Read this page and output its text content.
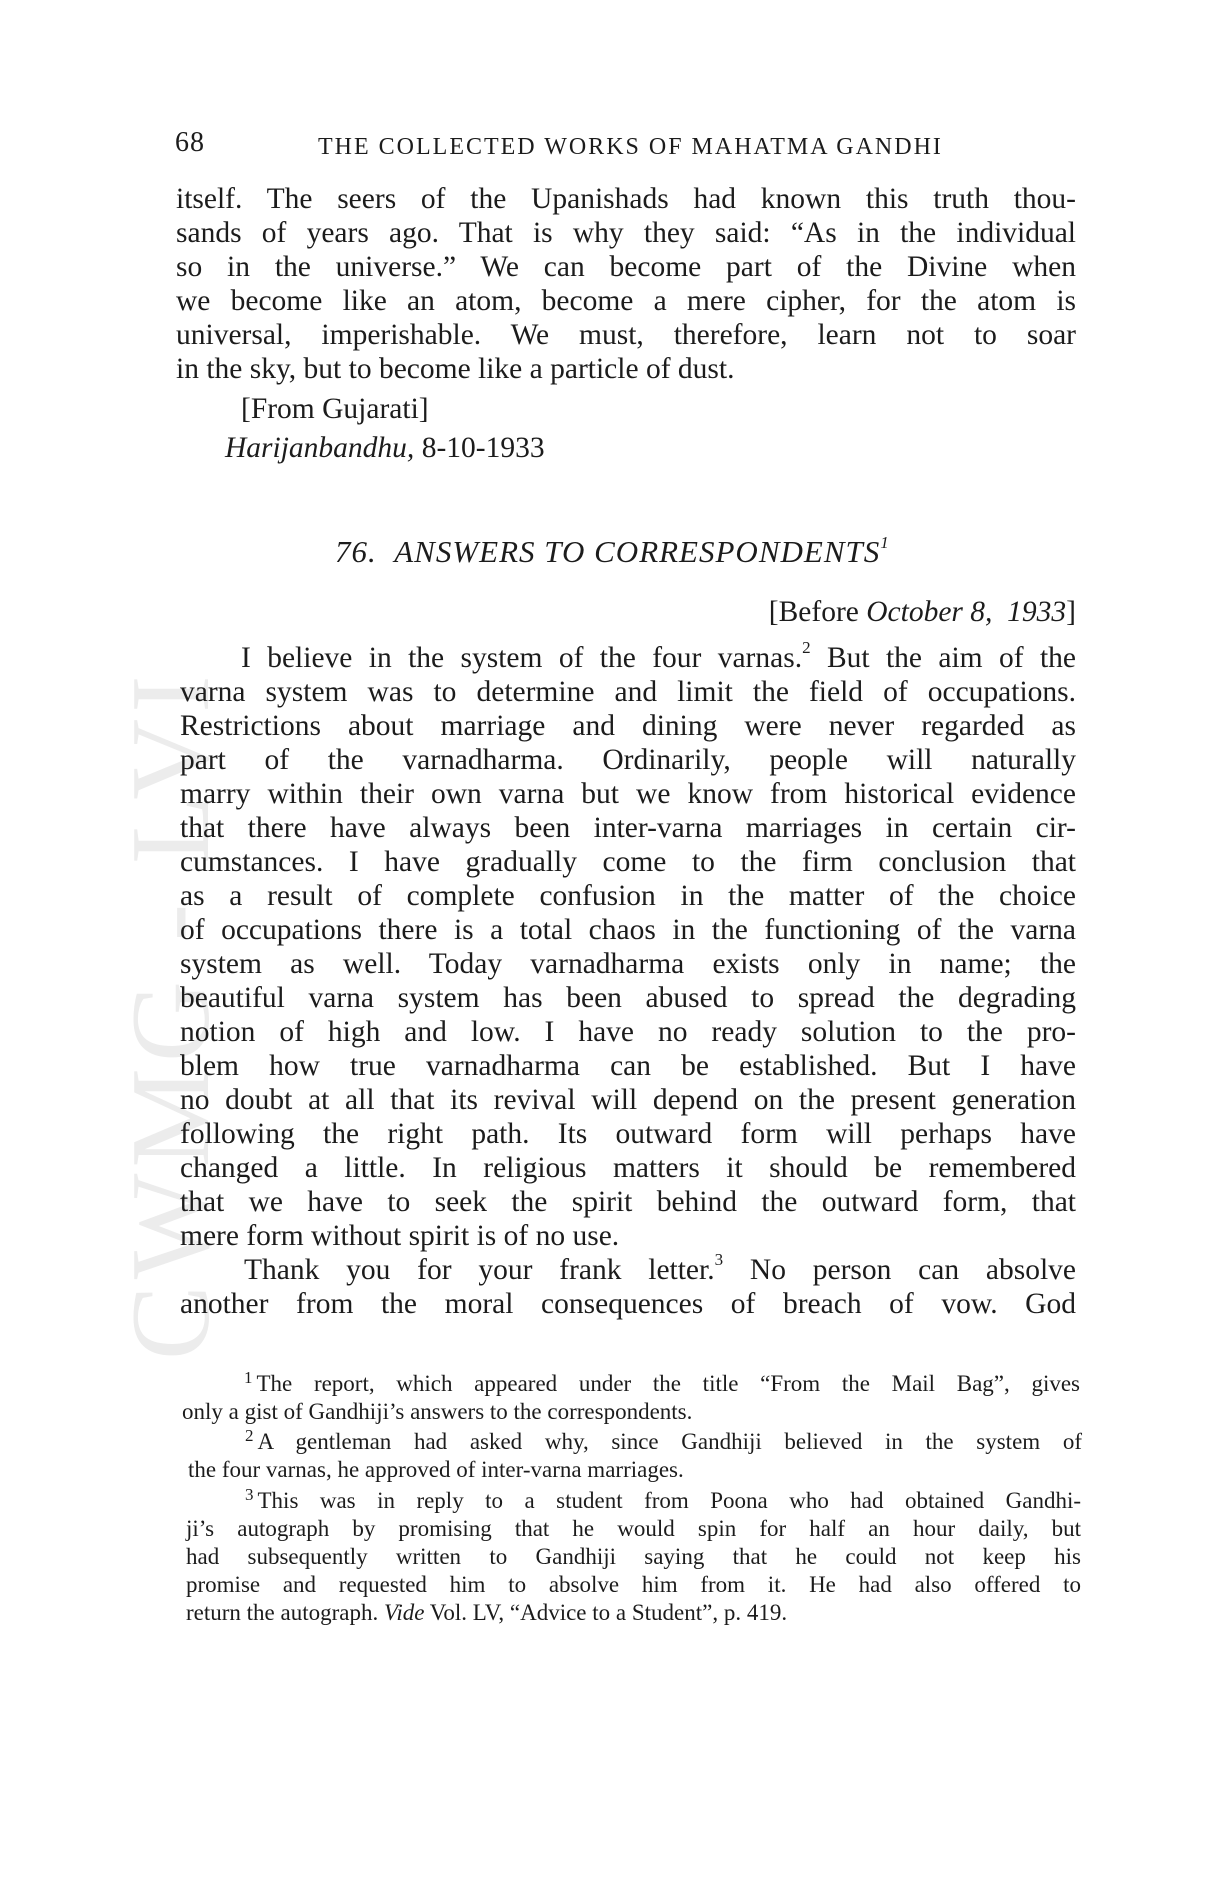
CWMG - LVI
68	THE COLLECTED WORKS OF MAHATMA GANDHI
itself. The seers of the Upanishads had known this truth thou-
sands of years ago. That is why they said: “As in the individual
so in the universe.” We can become part of the Divine when
we become like an atom, become a mere cipher, for the atom is
universal, imperishable. We must, therefore, learn not to soar
in the sky, but to become like a particle of dust.
[From Gujarati]
Harijanbandhu, 8-10-1933
76. ANSWERS TO CORRESPONDENTS$^1$
[Before October 8, 1933]
I believe in the system of the four varnas.$^2$ But the aim of the
varna system was to determine and limit the field of occupations.
Restrictions about marriage and dining were never regarded as
part of the varnadharma. Ordinarily, people will naturally
marry within their own varna but we know from historical evidence
that there have always been inter-varna marriages in certain cir-
cumstances. I have gradually come to the firm conclusion that
as a result of complete confusion in the matter of the choice
of occupations there is a total chaos in the functioning of the varna
system as well. Today varnadharma exists only in name; the
beautiful varna system has been abused to spread the degrading
notion of high and low. I have no ready solution to the pro-
blem how true varnadharma can be established. But I have
no doubt at all that its revival will depend on the present generation
following the right path. Its outward form will perhaps have
changed a little. In religious matters it should be remembered
that we have to seek the spirit behind the outward form, that
mere form without spirit is of no use.
Thank you for your frank letter.$^3$ No person can absolve
another from the moral consequences of breach of vow. God
$^1$ The report, which appeared under the title “From the Mail Bag”, gives
only a gist of Gandhiji’s answers to the correspondents.
$^2$ A gentleman had asked why, since Gandhiji believed in the system of
the four varnas, he approved of inter-varna marriages.
$^3$ This was in reply to a student from Poona who had obtained Gandhi-
ji’s autograph by promising that he would spin for half an hour daily, but
had subsequently written to Gandhiji saying that he could not keep his
promise and requested him to absolve him from it. He had also offered to
return the autograph. Vide Vol. LV, “Advice to a Student”, p. 419.
